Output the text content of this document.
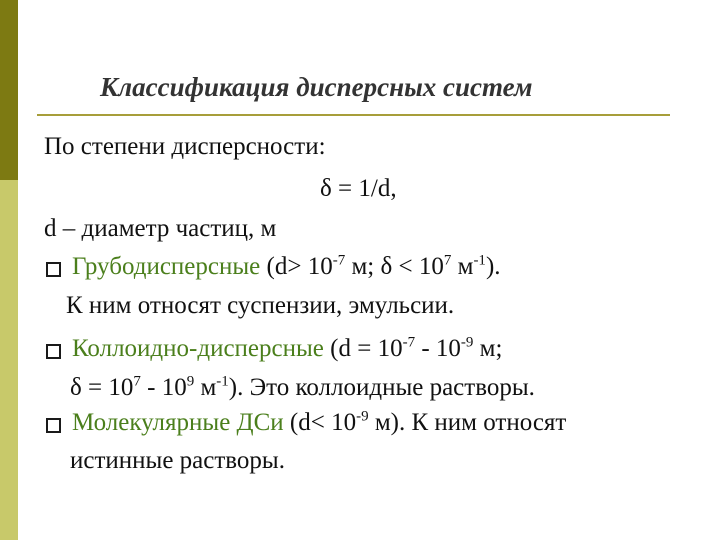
Классификация дисперсных систем
По степени дисперсности:
δ = 1/d,
d – диаметр частиц, м
Грубодисперсные ($d> 10^{-7}$ м; $\delta < 10^7$ $м^{-1}$).
К ним относят суспензии, эмульсии.
Коллоидно-дисперсные ($d = 10^{-7} - 10^{-9}$ м;
$\delta = 10^7 - 10^9$ $м^{-1}$). Это коллоидные растворы.
Молекулярные ДСи ($d< 10^{-9}$ м). К ним относят
истинные растворы.
